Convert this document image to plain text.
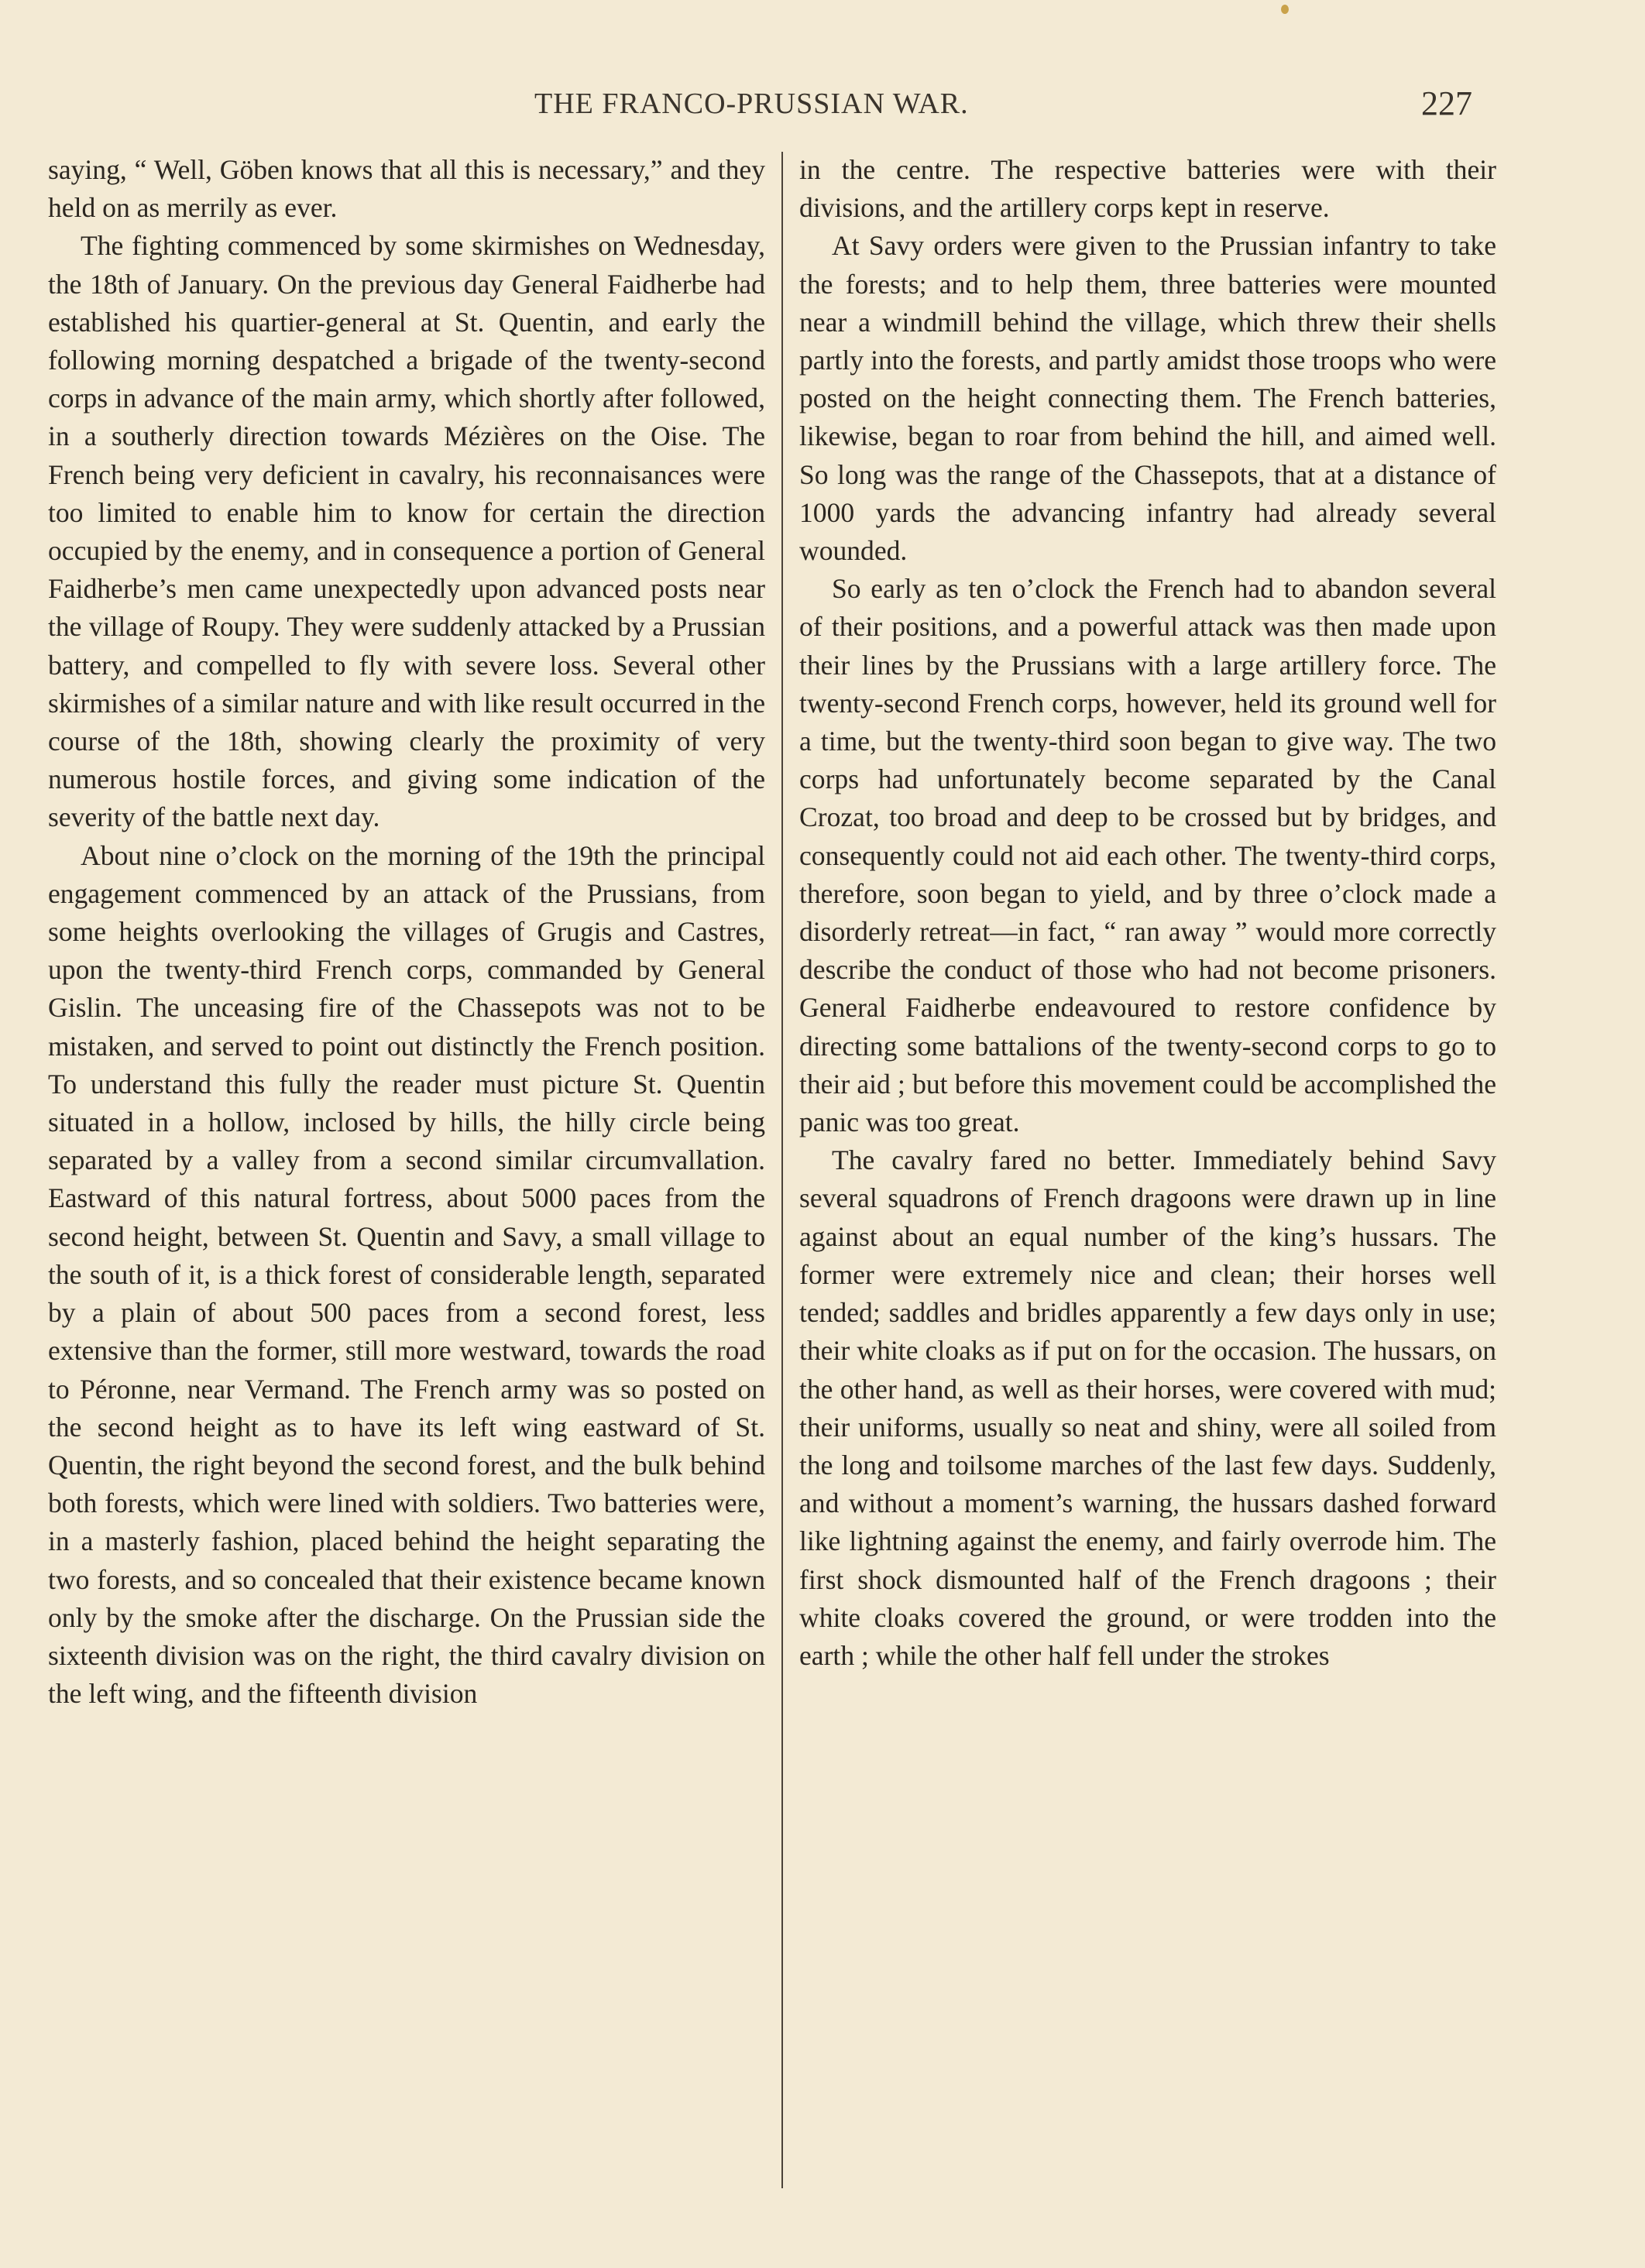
THE FRANCO-PRUSSIAN WAR.	227

saying, “ Well, Göben knows that all this is necessary,” and they held on as merrily as ever.

The fighting commenced by some skirmishes on Wednesday, the 18th of January. On the previous day General Faidherbe had established his quartier-general at St. Quentin, and early the following morning despatched a brigade of the twenty-second corps in advance of the main army, which shortly after followed, in a southerly direction towards Mézières on the Oise. The French being very deficient in cavalry, his reconnaisances were too limited to enable him to know for certain the direction occupied by the enemy, and in consequence a portion of General Faidherbe’s men came unexpectedly upon advanced posts near the village of Roupy. They were suddenly attacked by a Prussian battery, and compelled to fly with severe loss. Several other skirmishes of a similar nature and with like result occurred in the course of the 18th, showing clearly the proximity of very numerous hostile forces, and giving some indication of the severity of the battle next day.

About nine o’clock on the morning of the 19th the principal engagement commenced by an attack of the Prussians, from some heights overlooking the villages of Grugis and Castres, upon the twenty-third French corps, commanded by General Gislin. The unceasing fire of the Chassepots was not to be mistaken, and served to point out distinctly the French position. To understand this fully the reader must picture St. Quentin situated in a hollow, inclosed by hills, the hilly circle being separated by a valley from a second similar circumvallation. Eastward of this natural fortress, about 5000 paces from the second height, between St. Quentin and Savy, a small village to the south of it, is a thick forest of considerable length, separated by a plain of about 500 paces from a second forest, less extensive than the former, still more westward, towards the road to Péronne, near Vermand. The French army was so posted on the second height as to have its left wing eastward of St. Quentin, the right beyond the second forest, and the bulk behind both forests, which were lined with soldiers. Two batteries were, in a masterly fashion, placed behind the height separating the two forests, and so concealed that their existence became known only by the smoke after the discharge. On the Prussian side the sixteenth division was on the right, the third cavalry division on the left wing, and the fifteenth division

in the centre. The respective batteries were with their divisions, and the artillery corps kept in reserve.

At Savy orders were given to the Prussian infantry to take the forests; and to help them, three batteries were mounted near a windmill behind the village, which threw their shells partly into the forests, and partly amidst those troops who were posted on the height connecting them. The French batteries, likewise, began to roar from behind the hill, and aimed well. So long was the range of the Chassepots, that at a distance of 1000 yards the advancing infantry had already several wounded.

So early as ten o’clock the French had to abandon several of their positions, and a powerful attack was then made upon their lines by the Prussians with a large artillery force. The twenty-second French corps, however, held its ground well for a time, but the twenty-third soon began to give way. The two corps had unfortunately become separated by the Canal Crozat, too broad and deep to be crossed but by bridges, and consequently could not aid each other. The twenty-third corps, therefore, soon began to yield, and by three o’clock made a disorderly retreat—in fact, “ ran away ” would more correctly describe the conduct of those who had not become prisoners. General Faidherbe endeavoured to restore confidence by directing some battalions of the twenty-second corps to go to their aid ; but before this movement could be accomplished the panic was too great.

The cavalry fared no better. Immediately behind Savy several squadrons of French dragoons were drawn up in line against about an equal number of the king’s hussars. The former were extremely nice and clean; their horses well tended; saddles and bridles apparently a few days only in use; their white cloaks as if put on for the occasion. The hussars, on the other hand, as well as their horses, were covered with mud; their uniforms, usually so neat and shiny, were all soiled from the long and toilsome marches of the last few days. Suddenly, and without a moment’s warning, the hussars dashed forward like lightning against the enemy, and fairly overrode him. The first shock dismounted half of the French dragoons ; their white cloaks covered the ground, or were trodden into the earth ; while the other half fell under the strokes
